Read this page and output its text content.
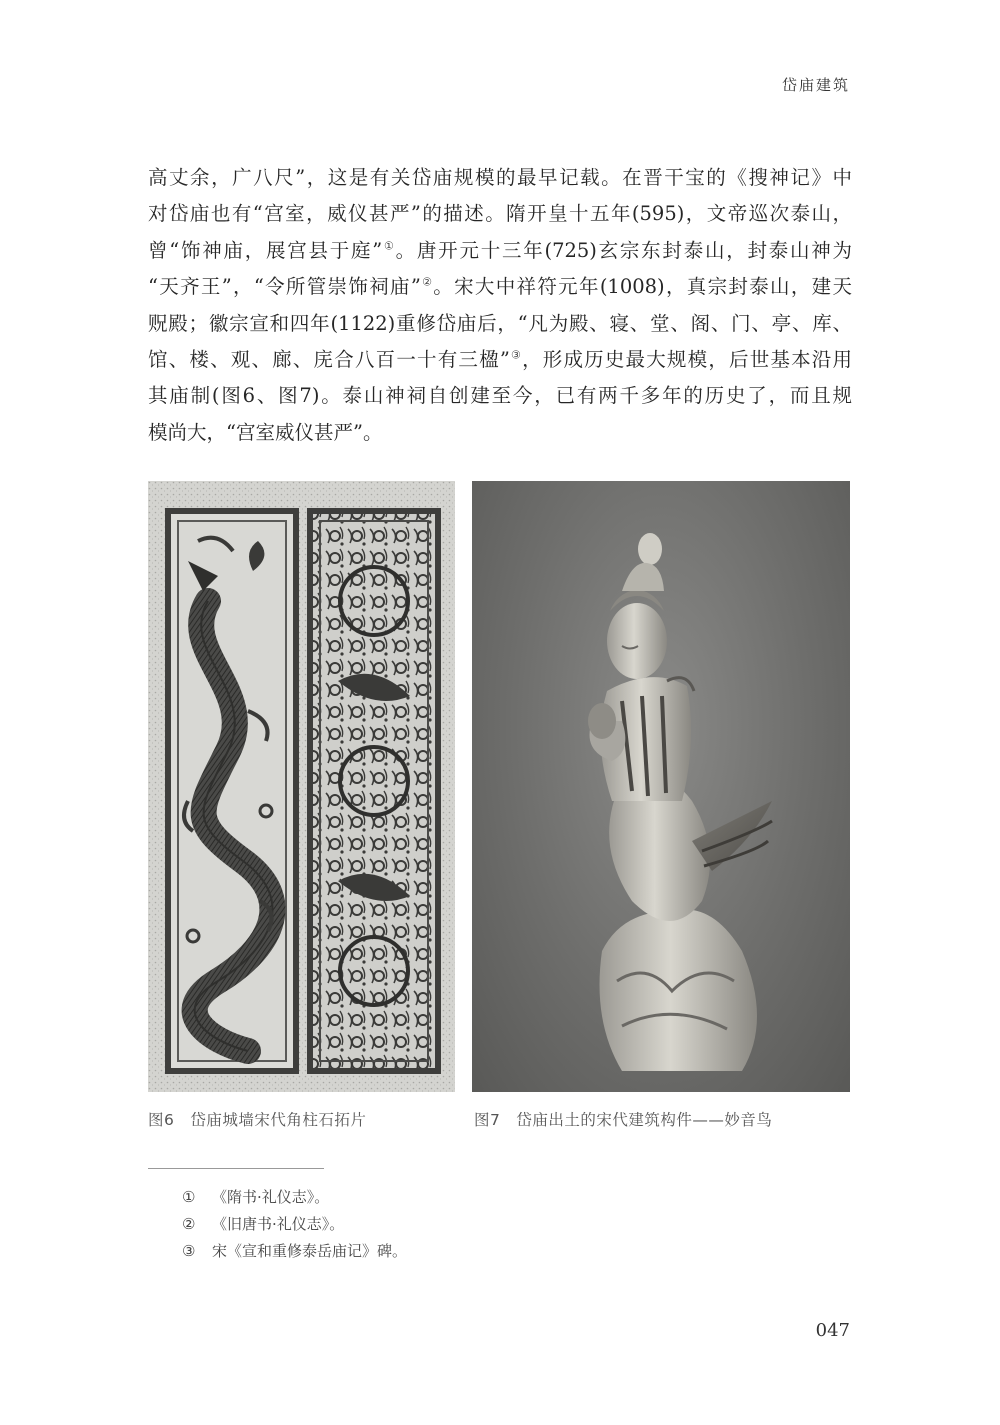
岱庙建筑
高丈余，广八尺”，这是有关岱庙规模的最早记载。在晋干宝的《搜神记》中
对岱庙也有“宫室，威仪甚严”的描述。隋开皇十五年(595)，文帝巡次泰山，
曾“饰神庙，展宫县于庭”①。唐开元十三年(725)玄宗东封泰山，封泰山神为
“天齐王”，“令所管崇饰祠庙”②。宋大中祥符元年(1008)，真宗封泰山，建天
贶殿；徽宗宣和四年(1122)重修岱庙后，“凡为殿、寝、堂、阁、门、亭、库、
馆、楼、观、廊、庑合八百一十有三楹”③，形成历史最大规模，后世基本沿用
其庙制(图6、图7)。泰山神祠自创建至今，已有两千多年的历史了，而且规
模尚大，“宫室威仪甚严”。
图6 岱庙城墙宋代角柱石拓片	图7 岱庙出土的宋代建筑构件——妙音鸟
① 《隋书·礼仪志》。
② 《旧唐书·礼仪志》。
③ 宋《宣和重修泰岳庙记》碑。
047
